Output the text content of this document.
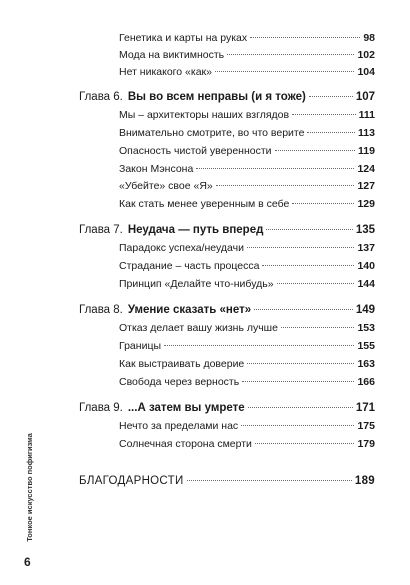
Генетика и карты на руках	98
Мода на виктимность	102
Нет никакого «как»	104
Глава 6. Вы во всем неправы (и я тоже)	107
Мы – архитекторы наших взглядов	111
Внимательно смотрите, во что верите	113
Опасность чистой уверенности	119
Закон Мэнсона	124
«Убейте» свое «Я»	127
Как стать менее уверенным в себе	129
Глава 7. Неудача — путь вперед	135
Парадокс успеха/неудачи	137
Страдание – часть процесса	140
Принцип «Делайте что-нибудь»	144
Глава 8. Умение сказать «нет»	149
Отказ делает вашу жизнь лучше	153
Границы	155
Как выстраивать доверие	163
Свобода через верность	166
Глава 9. ...А затем вы умрете	171
Нечто за пределами нас	175
Солнечная сторона смерти	179
БЛАГОДАРНОСТИ	189
Тонкое искусство пофигизма
6
